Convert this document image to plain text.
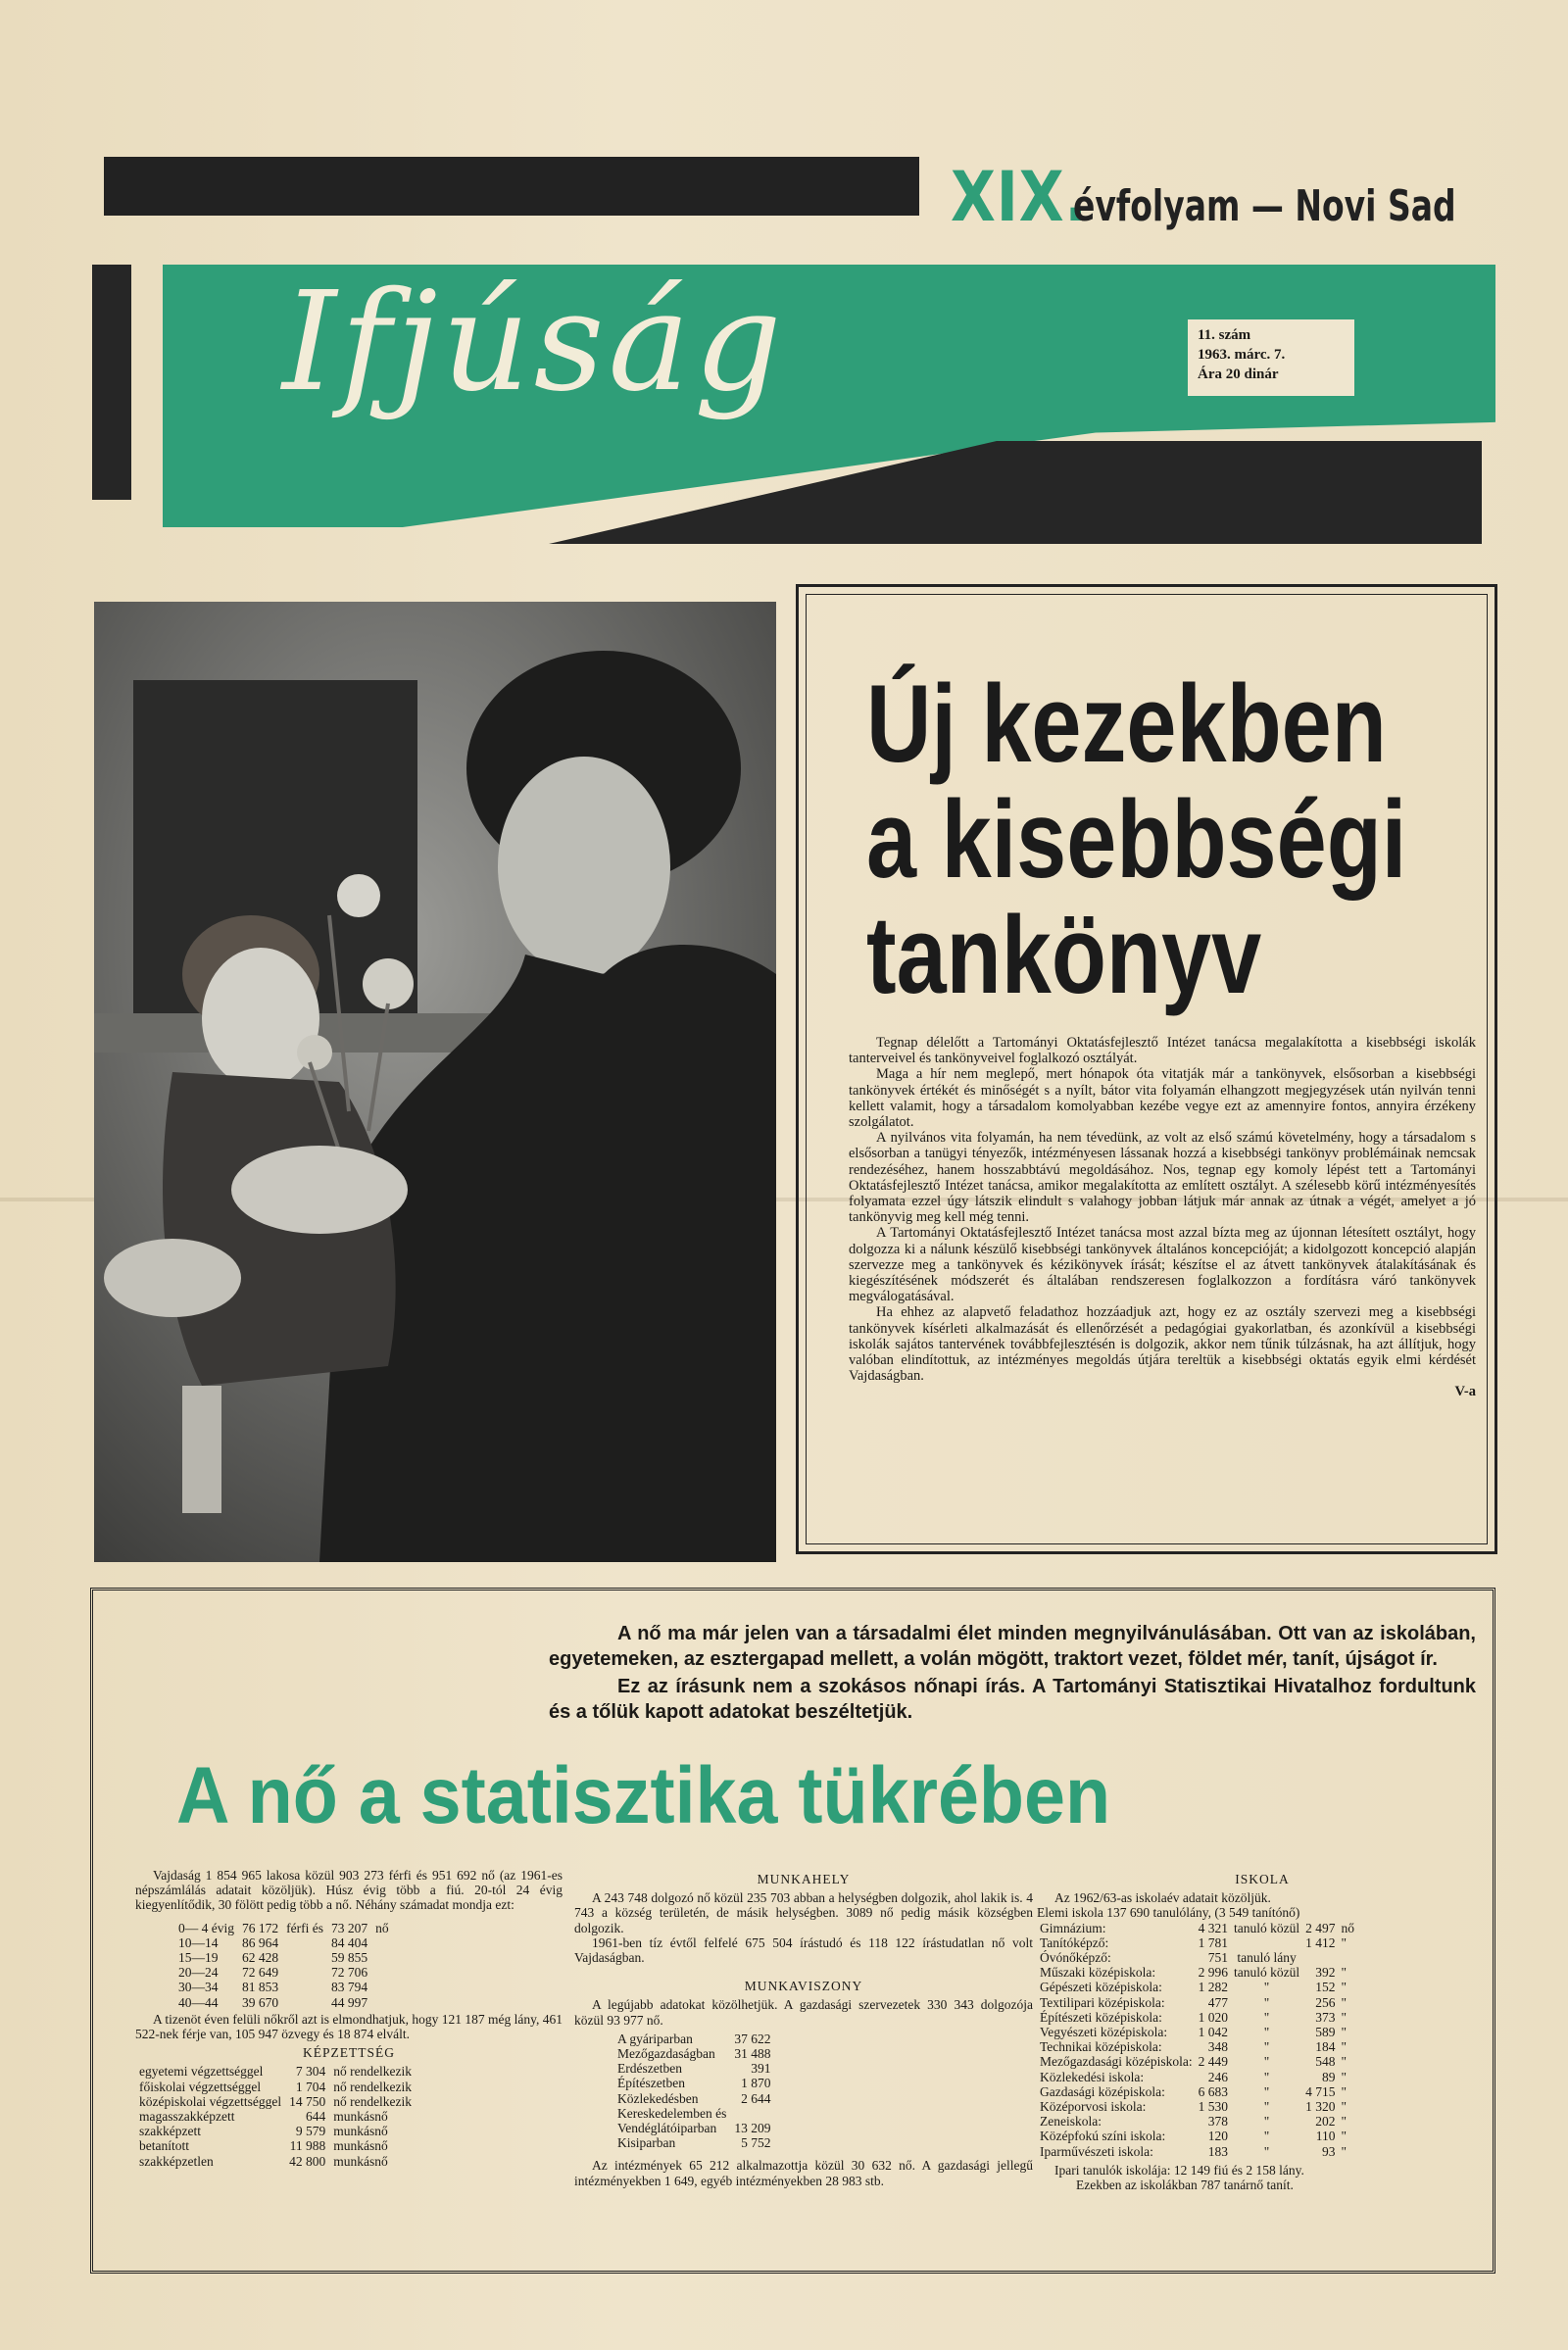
XIX.évfolyam — Novi Sad
Ifjúság	11. szám
1963. márc. 7.
Ára 20 dinár
Új kezekben
a kisebbségi
tankönyv

Tegnap délelőtt a Tartományi Oktatásfejlesztő Intézet tanácsa megalakította a kisebbségi iskolák tanterveivel és tankönyveivel foglalkozó osztályát.

Maga a hír nem meglepő, mert hónapok óta vitatják már a tankönyvek, elsősorban a kisebbségi tankönyvek értékét és minőségét s a nyílt, bátor vita folyamán elhangzott megjegyzések után nyilván tenni kellett valamit, hogy a társadalom komolyabban kezébe vegye ezt az amennyire fontos, annyira érzékeny szolgálatot.

A nyilvános vita folyamán, ha nem tévedünk, az volt az első számú követelmény, hogy a társadalom s elsősorban a tanügyi tényezők, intézményesen lássanak hozzá a kisebbségi tankönyv problémáinak nemcsak rendezéséhez, hanem hosszabbtávú megoldásához. Nos, tegnap egy komoly lépést tett a Tartományi Oktatásfejlesztő Intézet tanácsa, amikor megalakította az említett osztályt. A szélesebb körű intézményesítés folyamata ezzel úgy látszik elindult s valahogy jobban látjuk már annak az útnak a végét, amelyet a jó tankönyvig meg kell még tenni.

A Tartományi Oktatásfejlesztő Intézet tanácsa most azzal bízta meg az újonnan létesített osztályt, hogy dolgozza ki a nálunk készülő kisebbségi tankönyvek általános koncepcióját; a kidolgozott koncepció alapján szervezze meg a tankönyvek és kézikönyvek írását; készítse el az átvett tankönyvek átalakításának és kiegészítésének módszerét és általában rendszeresen foglalkozzon a fordításra váró tankönyvek megválogatásával.

Ha ehhez az alapvető feladathoz hozzáadjuk azt, hogy ez az osztály szervezi meg a kisebbségi tankönyvek kísérleti alkalmazását és ellenőrzését a pedagógiai gyakorlatban, és azonkívül a kisebbségi iskolák sajátos tantervének továbbfejlesztésén is dolgozik, akkor nem tűnik túlzásnak, ha azt állítjuk, hogy valóban elindítottuk, az intézményes megoldás útjára tereltük a kisebbségi oktatás egyik elmi kérdését Vajdaságban.

V-a

A nő ma már jelen van a társadalmi élet minden megnyilvánulásában. Ott van az iskolában, egyetemeken, az esztergapad mellett, a volán mögött, traktort vezet, földet mér, tanít, újságot ír.

Ez az írásunk nem a szokásos nőnapi írás. A Tartományi Statisztikai Hivatalhoz fordultunk és a tőlük kapott adatokat beszéltetjük.

A nő a statisztika tükrében

Vajdaság 1 854 965 lakosa közül 903 273 férfi és 951 692 nő (az 1961-es népszámlálás adatait közöljük). Húsz évig több a fiú. 20-tól 24 évig kiegyenlítődik, 30 fölött pedig több a nő. Néhány számadat mondja ezt:

0— 4 évig	76 172	férfi és	73 207	nő
10—14	86 964		84 404	
15—19	62 428		59 855	
20—24	72 649		72 706	
30—34	81 853		83 794	
40—44	39 670		44 997	

A tizenöt éven felüli nőkről azt is elmondhatjuk, hogy 121 187 még lány, 461 522-nek férje van, 105 947 özvegy és 18 874 elvált.

KÉPZETTSÉG
egyetemi végzettséggel	7 304	nő rendelkezik
főiskolai végzettséggel	1 704	nő rendelkezik
középiskolai végzettséggel	14 750	nő rendelkezik
magasszakképzett	644	munkásnő
szakképzett	9 579	munkásnő
betanított	11 988	munkásnő
szakképzetlen	42 800	munkásnő
MUNKAHELY

A 243 748 dolgozó nő közül 235 703 abban a helységben dolgozik, ahol lakik is. 4 743 a község területén, de másik helységben. 3089 nő pedig másik községben dolgozik.

1961-ben tíz évtől felfelé 675 504 írástudó és 118 122 írástudatlan nő volt Vajdaságban.

MUNKAVISZONY

A legújabb adatokat közölhetjük. A gazdasági szervezetek 330 343 dolgozója közül 93 977 nő.

A gyáriparban	37 622
Mezőgazdaságban	31 488
Erdészetben	391
Építészetben	1 870
Közlekedésben	2 644
Kereskedelemben és	
Vendéglátóiparban	13 209
Kisiparban	5 752

Az intézmények 65 212 alkalmazottja közül 30 632 nő. A gazdasági jellegű intézményekben 1 649, egyéb intézményekben 28 983 stb.

ISKOLA

Az 1962/63-as iskolaév adatait közöljük.

Elemi iskola 137 690 tanulólány, (3 549 tanítónő)
Gimnázium:	4 321	tanuló közül	2 497	nő
Tanítóképző:	1 781		1 412	"
Óvónőképző:	751	tanuló lány		
Műszaki középiskola:	2 996	tanuló közül	392	"
Gépészeti középiskola:	1 282	"	152	"
Textilipari középiskola:	477	"	256	"
Építészeti középiskola:	1 020	"	373	"
Vegyészeti középiskola:	1 042	"	589	"
Technikai középiskola:	348	"	184	"
Mezőgazdasági középiskola:	2 449	"	548	"
Közlekedési iskola:	246	"	89	"
Gazdasági középiskola:	6 683	"	4 715	"
Középorvosi iskola:	1 530	"	1 320	"
Zeneiskola:	378	"	202	"
Középfokú színi iskola:	120	"	110	"
Iparművészeti iskola:	183	"	93	"

Ipari tanulók iskolája: 12 149 fiú és 2 158 lány.

Ezekben az iskolákban 787 tanárnő tanít.
